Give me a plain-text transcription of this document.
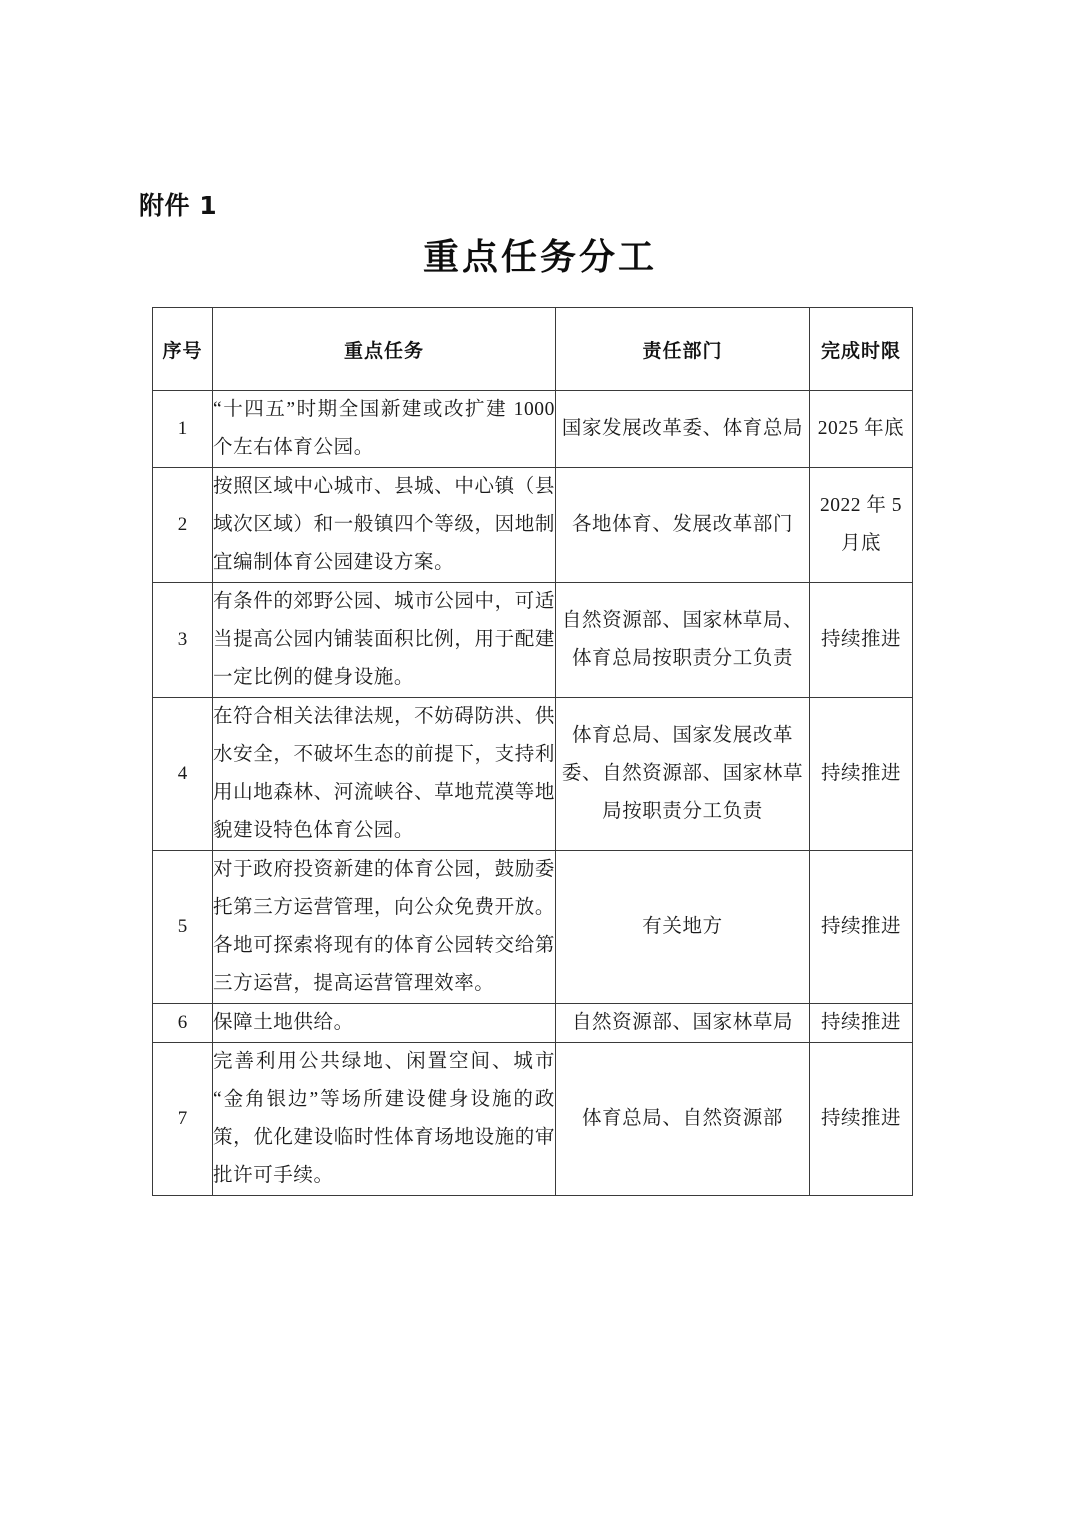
附件 1
重点任务分工
序号	重点任务	责任部门	完成时限
1	“十四五”时期全国新建或改扩建 1000 个左右体育公园。	国家发展改革委、体育总局	2025 年底
2	按照区域中心城市、县城、中心镇（县域次区域）和一般镇四个等级，因地制宜编制体育公园建设方案。	各地体育、发展改革部门	2022 年 5 月底
3	有条件的郊野公园、城市公园中，可适当提高公园内铺装面积比例，用于配建一定比例的健身设施。	自然资源部、国家林草局、体育总局按职责分工负责	持续推进
4	在符合相关法律法规，不妨碍防洪、供水安全，不破坏生态的前提下，支持利用山地森林、河流峡谷、草地荒漠等地貌建设特色体育公园。	体育总局、国家发展改革委、自然资源部、国家林草局按职责分工负责	持续推进
5	对于政府投资新建的体育公园，鼓励委托第三方运营管理，向公众免费开放。各地可探索将现有的体育公园转交给第三方运营，提高运营管理效率。	有关地方	持续推进
6	保障土地供给。	自然资源部、国家林草局	持续推进
7	完善利用公共绿地、闲置空间、城市“金角银边”等场所建设健身设施的政策，优化建设临时性体育场地设施的审批许可手续。	体育总局、自然资源部	持续推进
